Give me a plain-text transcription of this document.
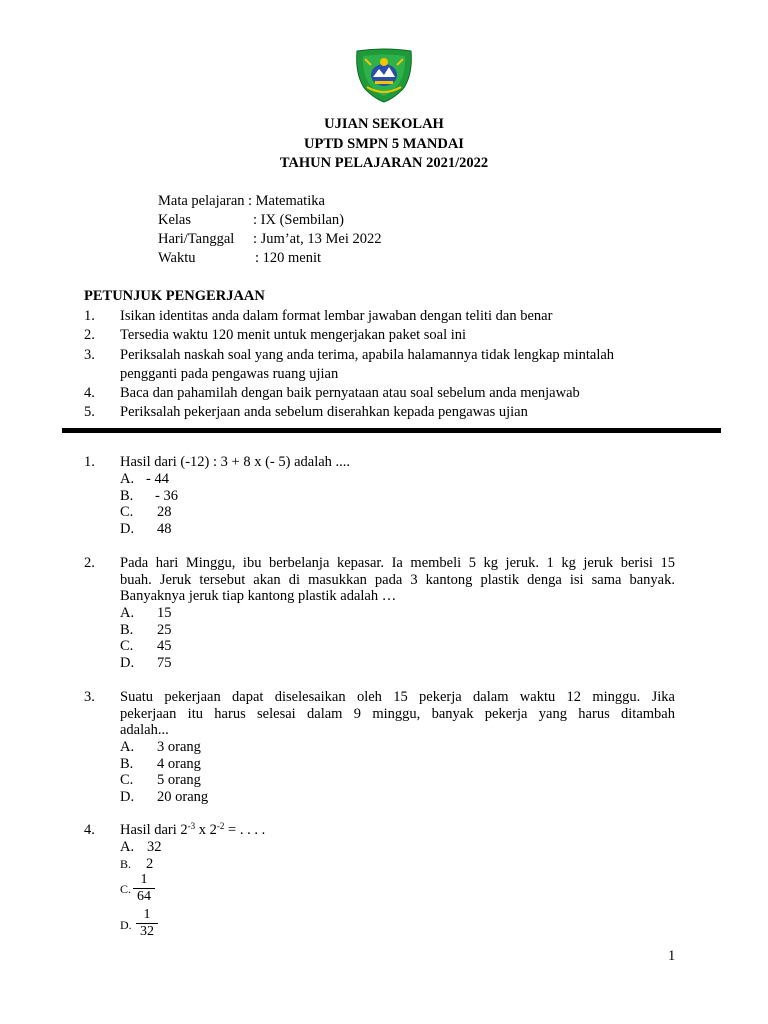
UJIAN SEKOLAH
UPTD SMPN 5 MANDAI
TAHUN PELAJARAN 2021/2022
Mata pelajaran : Matematika
Kelas	: IX (Sembilan)
Hari/Tanggal : Jum’at, 13 Mei 2022
Waktu	: 120 menit
PETUNJUK PENGERJAAN
1. Isikan identitas anda dalam format lembar jawaban dengan teliti dan benar
2. Tersedia waktu 120 menit untuk mengerjakan paket soal ini
3. Periksalah naskah soal yang anda terima, apabila halamannya tidak lengkap mintalah
pengganti pada pengawas ruang ujian
4. Baca dan pahamilah dengan baik pernyataan atau soal sebelum anda menjawab
5. Periksalah pekerjaan anda sebelum diserahkan kepada pengawas ujian
1. Hasil dari (-12) : 3 + 8 x (- 5) adalah ....
A. - 44
B. - 36
C. 28
D. 48
2. Pada hari Minggu, ibu berbelanja kepasar. Ia membeli 5 kg jeruk. 1 kg jeruk berisi 15
buah. Jeruk tersebut akan di masukkan pada 3 kantong plastik denga isi sama banyak.
Banyaknya jeruk tiap kantong plastik adalah …
A. 15
B. 25
C. 45
D. 75
3. Suatu pekerjaan dapat diselesaikan oleh 15 pekerja dalam waktu 12 minggu. Jika
pekerjaan itu harus selesai dalam 9 minggu, banyak pekerja yang harus ditambah
adalah...
A. 3 orang
B. 4 orang
C. 5 orang
D. 20 orang
4. Hasil dari $2^{-3}$ x $2^{-2}$ = . . . .
A. 32
B. 2
C. $\frac{1}{64}$
D. $\frac{1}{32}$
1
